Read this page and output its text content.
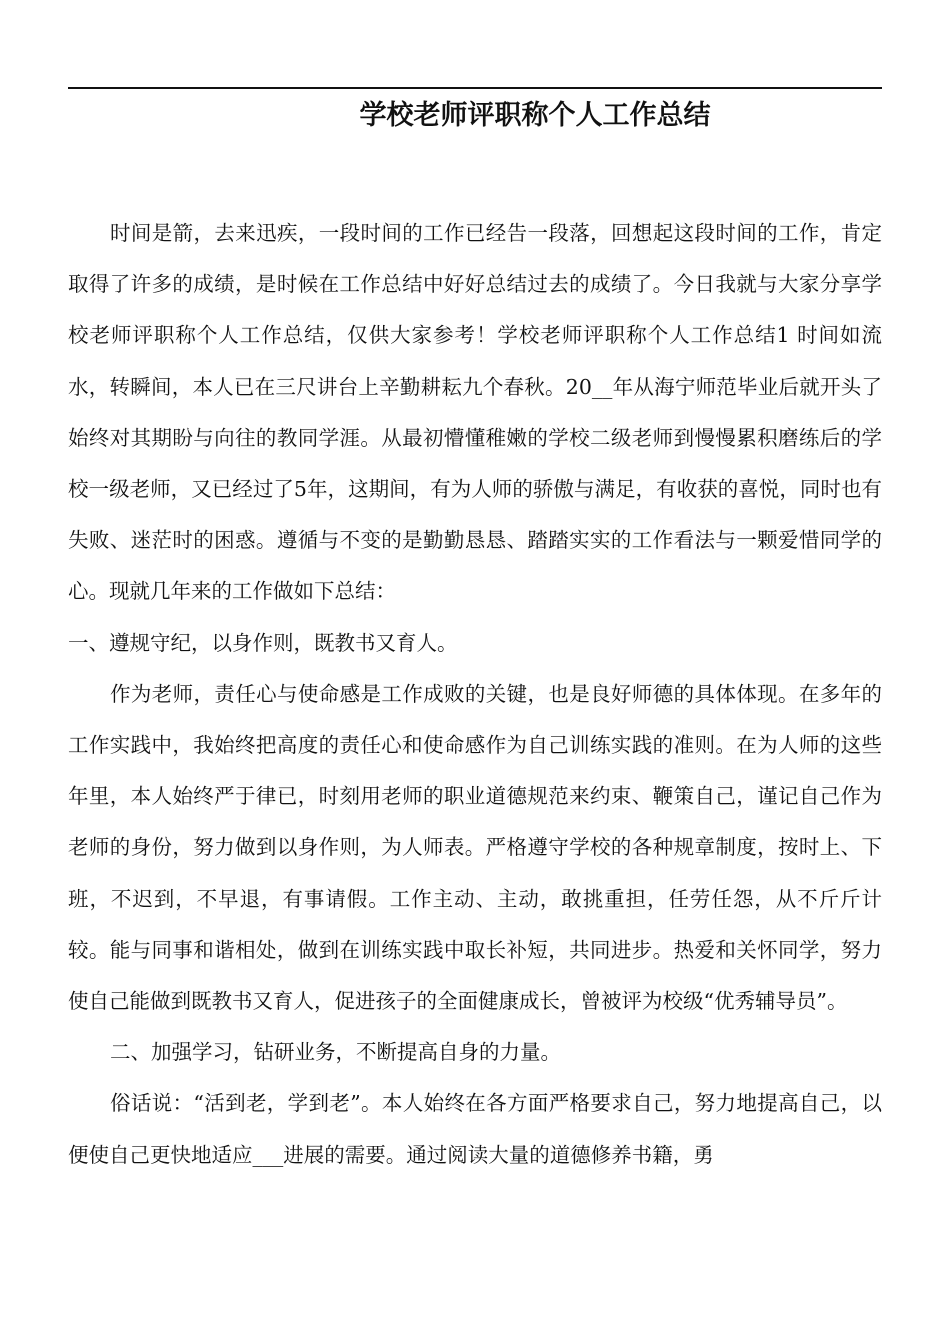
学校老师评职称个人工作总结

时间是箭，去来迅疾，一段时间的工作已经告一段落，回想起这段时间的工作，肯定取得了许多的成绩，是时候在工作总结中好好总结过去的成绩了。今日我就与大家分享学校老师评职称个人工作总结，仅供大家参考！学校老师评职称个人工作总结1 时间如流水，转瞬间，本人已在三尺讲台上辛勤耕耘九个春秋。20__年从海宁师范毕业后就开头了始终对其期盼与向往的教同学涯。从最初懵懂稚嫩的学校二级老师到慢慢累积磨练后的学校一级老师，又已经过了5年，这期间，有为人师的骄傲与满足，有收获的喜悦，同时也有失败、迷茫时的困惑。遵循与不变的是勤勤恳恳、踏踏实实的工作看法与一颗爱惜同学的心。现就几年来的工作做如下总结：

一、遵规守纪，以身作则，既教书又育人。

作为老师，责任心与使命感是工作成败的关键，也是良好师德的具体体现。在多年的工作实践中，我始终把高度的责任心和使命感作为自己训练实践的准则。在为人师的这些年里，本人始终严于律已，时刻用老师的职业道德规范来约束、鞭策自己，谨记自己作为老师的身份，努力做到以身作则，为人师表。严格遵守学校的各种规章制度，按时上、下班，不迟到，不早退，有事请假。工作主动、主动，敢挑重担，任劳任怨，从不斤斤计较。能与同事和谐相处，做到在训练实践中取长补短，共同进步。热爱和关怀同学，努力使自己能做到既教书又育人，促进孩子的全面健康成长，曾被评为校级“优秀辅导员”。

二、加强学习，钻研业务，不断提高自身的力量。

俗话说：“活到老，学到老”。本人始终在各方面严格要求自己，努力地提高自己，以便使自己更快地适应___进展的需要。通过阅读大量的道德修养书籍，勇
